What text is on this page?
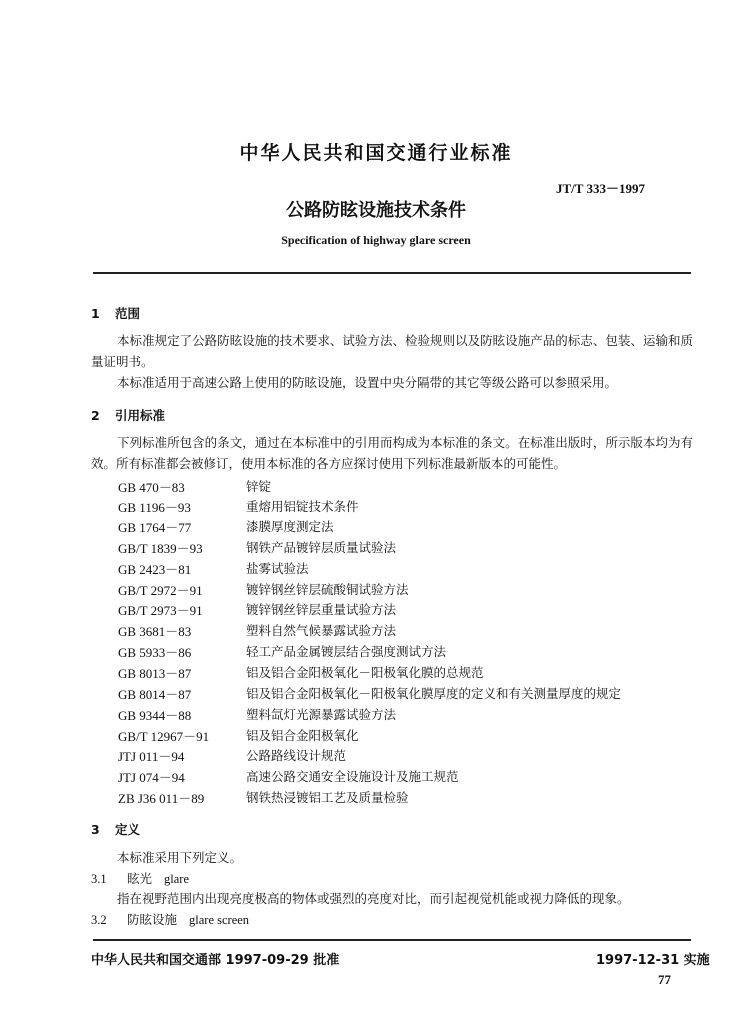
中华人民共和国交通行业标准
JT/T 333－1997
公路防眩设施技术条件
Specification of highway glare screen
1 范围
本标准规定了公路防眩设施的技术要求、试验方法、检验规则以及防眩设施产品的标志、包装、运输和质量证明书。
本标准适用于高速公路上使用的防眩设施，设置中央分隔带的其它等级公路可以参照采用。
2 引用标准
下列标准所包含的条文，通过在本标准中的引用而构成为本标准的条文。在标准出版时，所示版本均为有效。所有标准都会被修订，使用本标准的各方应探讨使用下列标准最新版本的可能性。
GB 470－83	锌锭
GB 1196－93	重熔用铝锭技术条件
GB 1764－77	漆膜厚度测定法
GB/T 1839－93	钢铁产品镀锌层质量试验法
GB 2423－81	盐雾试验法
GB/T 2972－91	镀锌钢丝锌层硫酸铜试验方法
GB/T 2973－91	镀锌钢丝锌层重量试验方法
GB 3681－83	塑料自然气候暴露试验方法
GB 5933－86	轻工产品金属镀层结合强度测试方法
GB 8013－87	铝及铝合金阳极氧化－阳极氧化膜的总规范
GB 8014－87	铝及铝合金阳极氧化－阳极氧化膜厚度的定义和有关测量厚度的规定
GB 9344－88	塑料氙灯光源暴露试验方法
GB/T 12967－91	铝及铝合金阳极氧化
JTJ 011－94	公路路线设计规范
JTJ 074－94	高速公路交通安全设施设计及施工规范
ZB J36 011－89	钢铁热浸镀铝工艺及质量检验
3 定义
本标准采用下列定义。
3.1 眩光 glare
指在视野范围内出现亮度极高的物体或强烈的亮度对比，而引起视觉机能或视力降低的现象。
3.2 防眩设施 glare screen
中华人民共和国交通部 1997-09-29 批准	1997-12-31 实施
77
